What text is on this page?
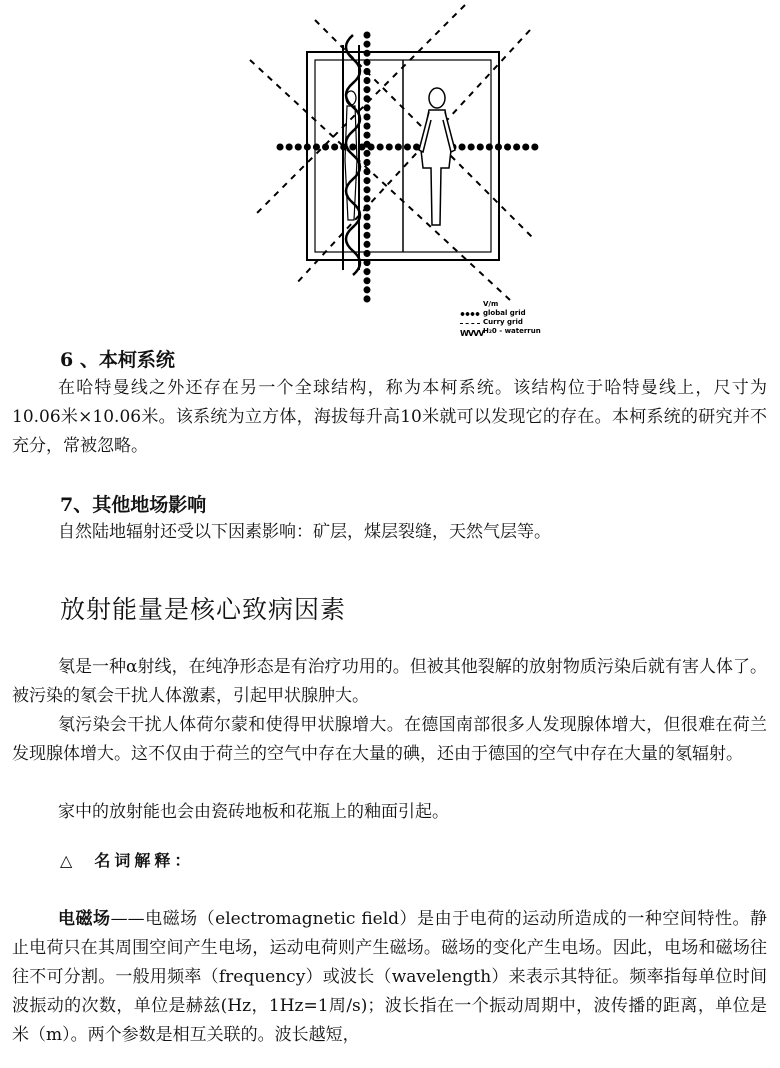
V/m
global grid
Curry grid
WVVV H₂0 - waterrun
6 、本柯系统

在哈特曼线之外还存在另一个全球结构，称为本柯系统。该结构位于哈特曼线上，尺寸为10.06米×10.06米。该系统为立方体，海拔每升高10米就可以发现它的存在。本柯系统的研究并不充分，常被忽略。

7、其他地场影响

自然陆地辐射还受以下因素影响：矿层，煤层裂缝，天然气层等。

放射能量是核心致病因素

氡是一种α射线，在纯净形态是有治疗功用的。但被其他裂解的放射物质污染后就有害人体了。被污染的氡会干扰人体激素，引起甲状腺肿大。

氡污染会干扰人体荷尔蒙和使得甲状腺增大。在德国南部很多人发现腺体增大，但很难在荷兰发现腺体增大。这不仅由于荷兰的空气中存在大量的碘，还由于德国的空气中存在大量的氡辐射。

家中的放射能也会由瓷砖地板和花瓶上的釉面引起。

△ 名词解释：

电磁场——电磁场（electromagnetic field）是由于电荷的运动所造成的一种空间特性。静止电荷只在其周围空间产生电场，运动电荷则产生磁场。磁场的变化产生电场。因此，电场和磁场往往不可分割。一般用频率（frequency）或波长（wavelength）来表示其特征。频率指每单位时间波振动的次数，单位是赫兹(Hz，1Hz=1周/s)；波长指在一个振动周期中，波传播的距离，单位是米（m）。两个参数是相互关联的。波长越短，
